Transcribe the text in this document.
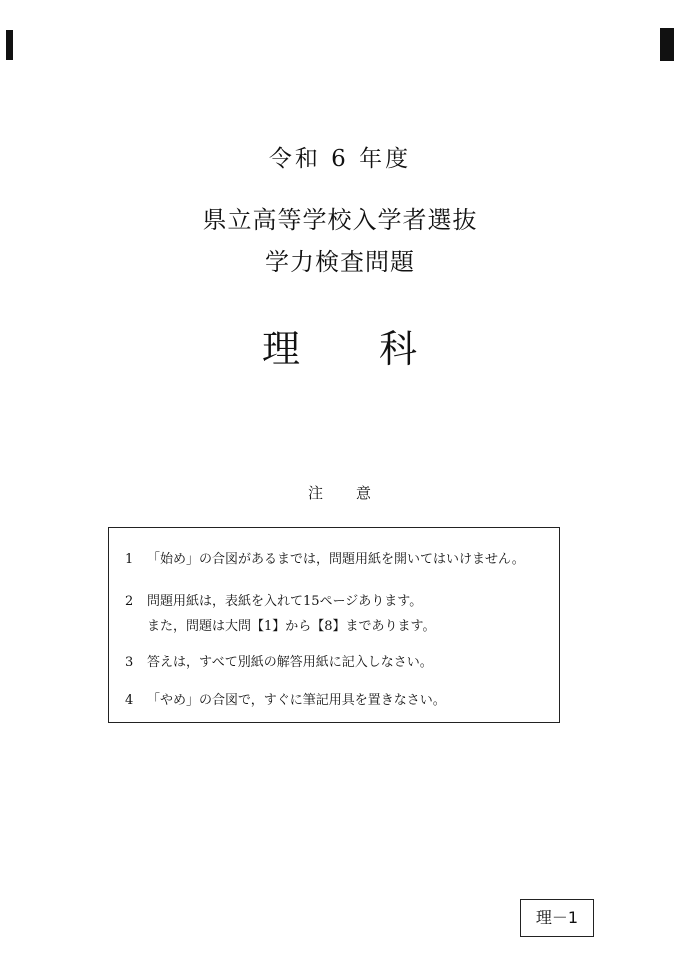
令和 6 年度
県立高等学校入学者選抜
学力検査問題
理　　科
注　　意
1 「始め」の合図があるまでは，問題用紙を開いてはいけません。
2 問題用紙は，表紙を入れて15ページあります。
また，問題は大問【1】から【8】まであります。
3 答えは，すべて別紙の解答用紙に記入しなさい。
4 「やめ」の合図で，すぐに筆記用具を置きなさい。
理－1
